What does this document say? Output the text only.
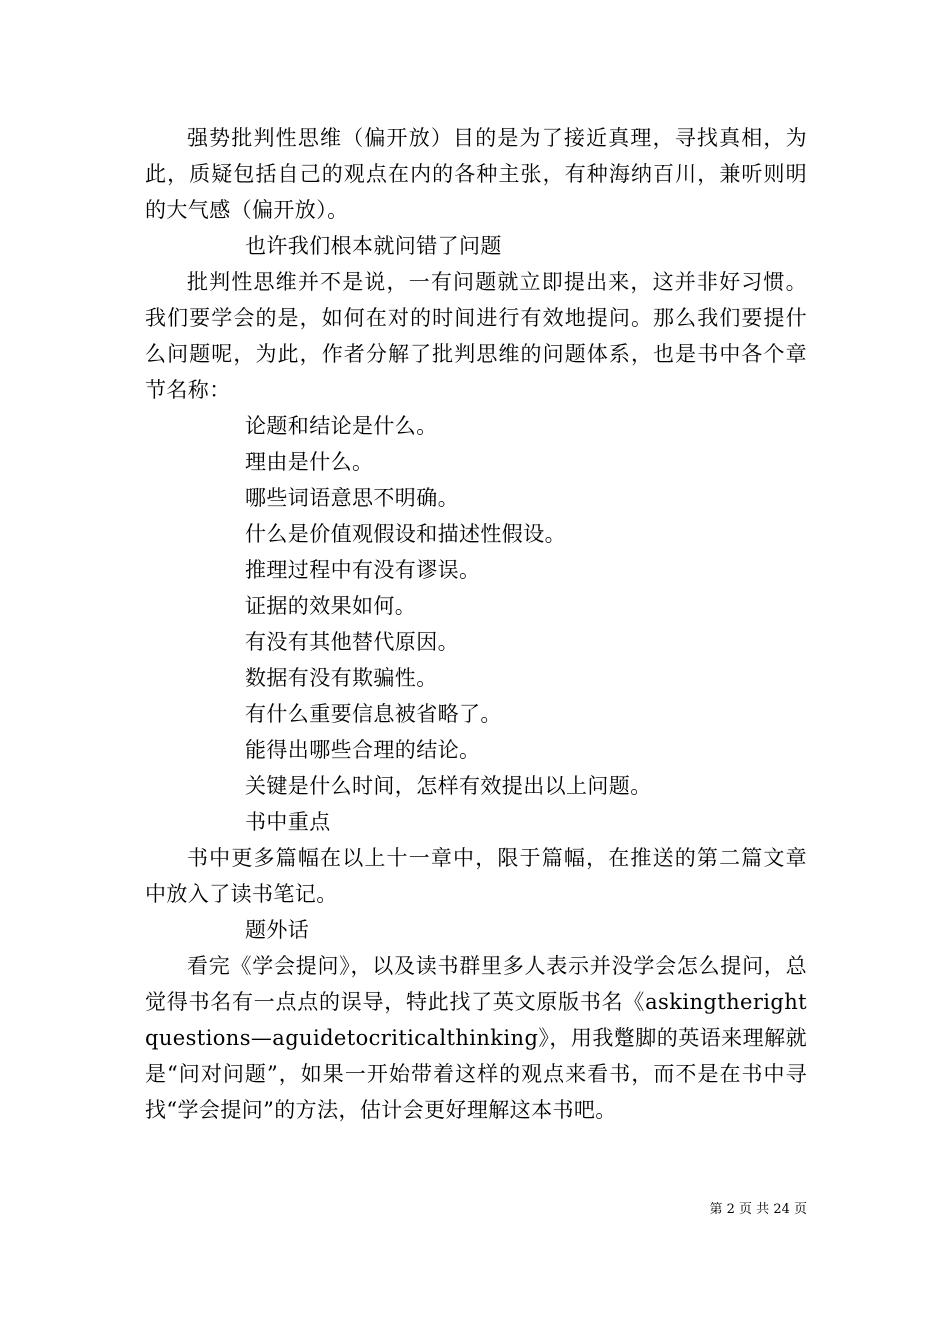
强势批判性思维（偏开放）目的是为了接近真理，寻找真相，为此，质疑包括自己的观点在内的各种主张，有种海纳百川，兼听则明的大气感（偏开放）。

也许我们根本就问错了问题

批判性思维并不是说，一有问题就立即提出来，这并非好习惯。我们要学会的是，如何在对的时间进行有效地提问。那么我们要提什么问题呢，为此，作者分解了批判思维的问题体系，也是书中各个章节名称：

论题和结论是什么。

理由是什么。

哪些词语意思不明确。

什么是价值观假设和描述性假设。

推理过程中有没有谬误。

证据的效果如何。

有没有其他替代原因。

数据有没有欺骗性。

有什么重要信息被省略了。

能得出哪些合理的结论。

关键是什么时间，怎样有效提出以上问题。

书中重点

书中更多篇幅在以上十一章中，限于篇幅，在推送的第二篇文章中放入了读书笔记。

题外话

看完《学会提问》，以及读书群里多人表示并没学会怎么提问，总觉得书名有一点点的误导，特此找了英文原版书名《askingtherightquestions—aguidetocriticalthinking》，用我蹩脚的英语来理解就是“问对问题”，如果一开始带着这样的观点来看书，而不是在书中寻找“学会提问”的方法，估计会更好理解这本书吧。

第 2 页 共 24 页
